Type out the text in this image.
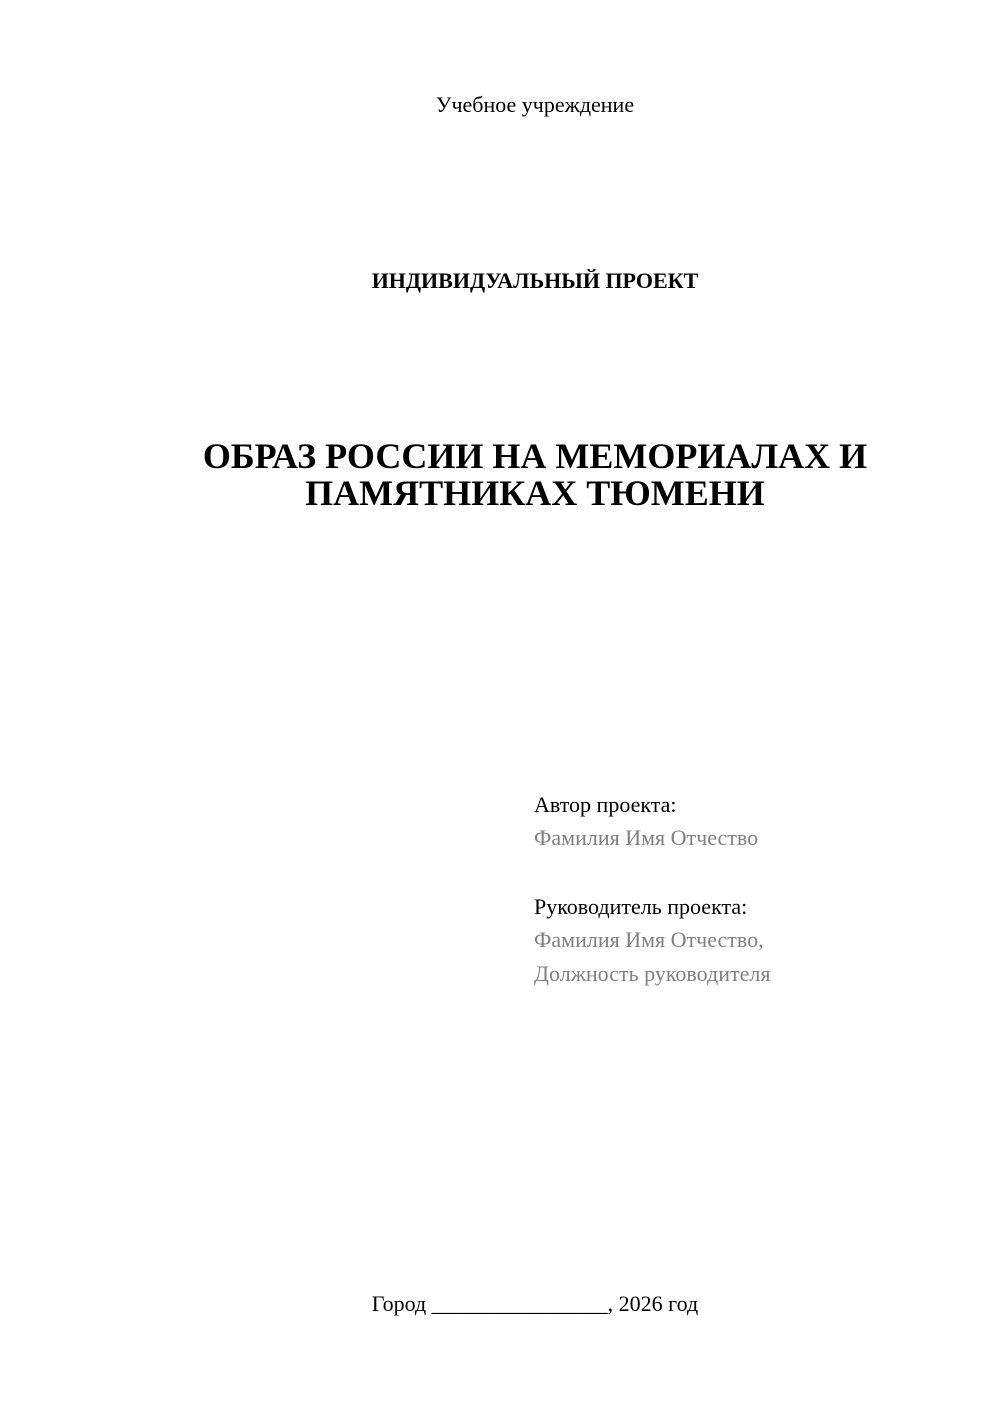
Учебное учреждение
ИНДИВИДУАЛЬНЫЙ ПРОЕКТ
ОБРАЗ РОССИИ НА МЕМОРИАЛАХ И
ПАМЯТНИКАХ ТЮМЕНИ
Автор проекта:
Фамилия Имя Отчество
Руководитель проекта:
Фамилия Имя Отчество,
Должность руководителя
Город ________________, 2026 год
